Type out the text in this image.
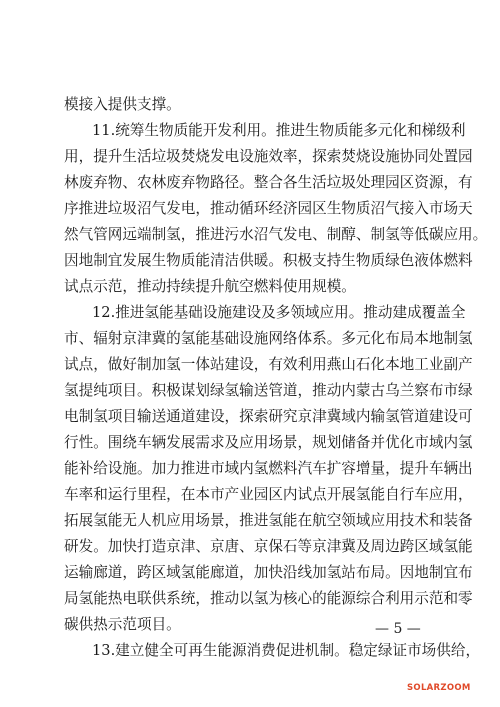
模接入提供支撑。
11.统筹生物质能开发利用。推进生物质能多元化和梯级利
用，提升生活垃圾焚烧发电设施效率，探索焚烧设施协同处置园
林废弃物、农林废弃物路径。整合各生活垃圾处理园区资源，有
序推进垃圾沼气发电，推动循环经济园区生物质沼气接入市场天
然气管网远端制氢，推进污水沼气发电、制醇、制氢等低碳应用。
因地制宜发展生物质能清洁供暖。积极支持生物质绿色液体燃料
试点示范，推动持续提升航空燃料使用规模。
12.推进氢能基础设施建设及多领域应用。推动建成覆盖全
市、辐射京津冀的氢能基础设施网络体系。多元化布局本地制氢
试点，做好制加氢一体站建设，有效利用燕山石化本地工业副产
氢提纯项目。积极谋划绿氢输送管道，推动内蒙古乌兰察布市绿
电制氢项目输送通道建设，探索研究京津冀域内输氢管道建设可
行性。围绕车辆发展需求及应用场景，规划储备并优化市域内氢
能补给设施。加力推进市域内氢燃料汽车扩容增量，提升车辆出
车率和运行里程，在本市产业园区内试点开展氢能自行车应用，
拓展氢能无人机应用场景，推进氢能在航空领域应用技术和装备
研发。加快打造京津、京唐、京保石等京津冀及周边跨区域氢能
运输廊道，跨区域氢能廊道，加快沿线加氢站布局。因地制宜布
局氢能热电联供系统，推动以氢为核心的能源综合利用示范和零
碳供热示范项目。
13.建立健全可再生能源消费促进机制。稳定绿证市场供给，
— 5 —
SOLARZOOM
